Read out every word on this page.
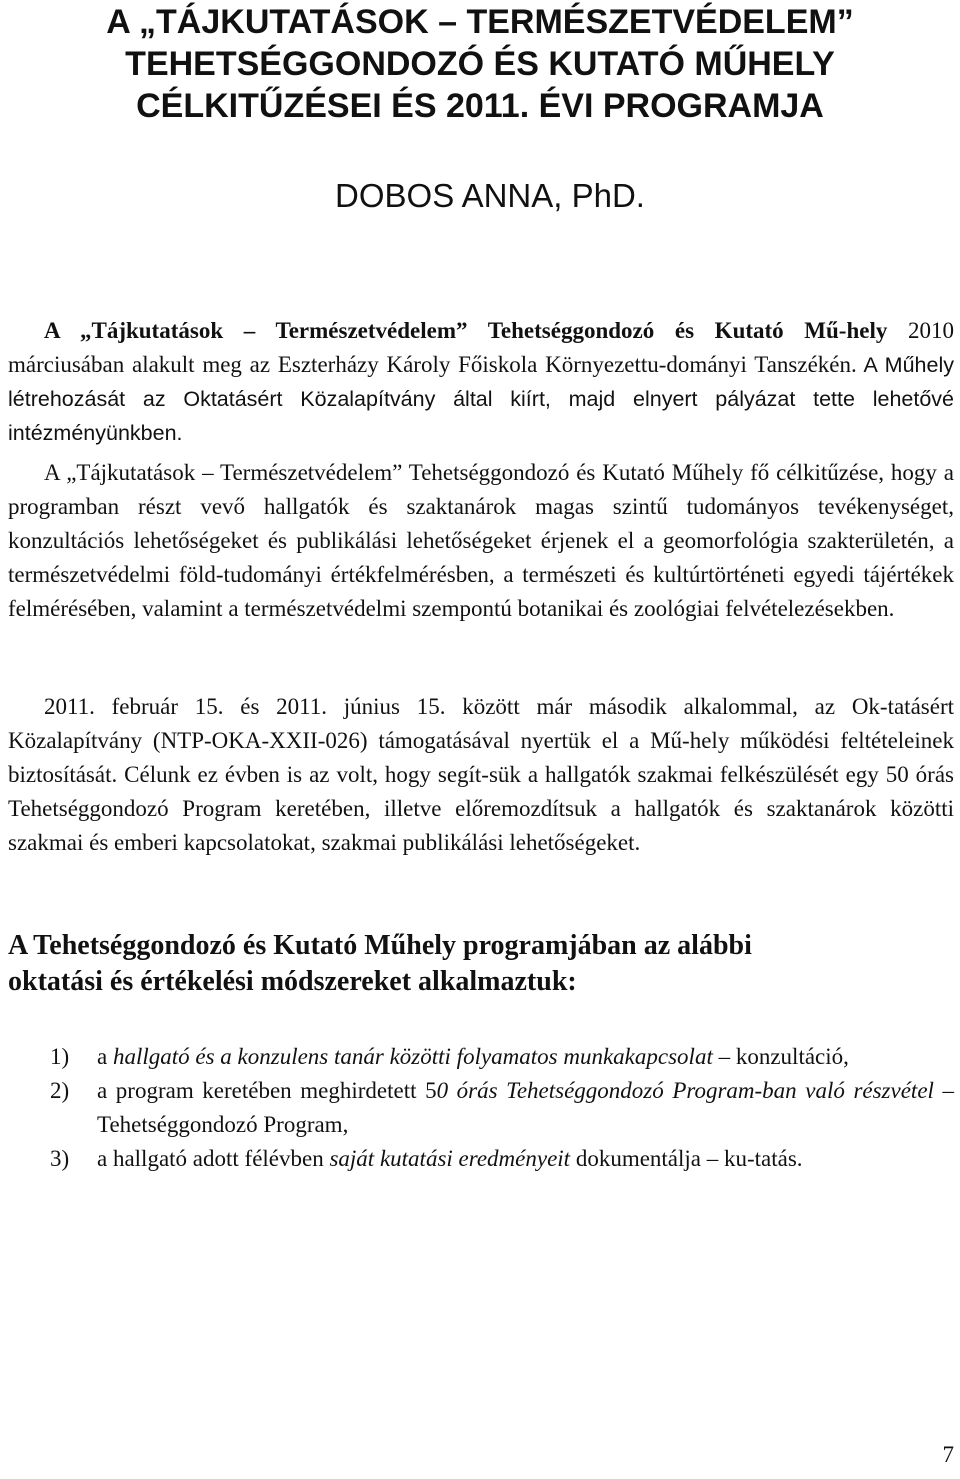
A „TÁJKUTATÁSOK – TERMÉSZETVÉDELEM”
TEHETSÉGGONDOZÓ ÉS KUTATÓ MŰHELY
CÉLKITŰZÉSEI ÉS 2011. ÉVI PROGRAMJA

DOBOS ANNA, PhD.

A „Tájkutatások – Természetvédelem” Tehetséggondozó és Kutató Mű-hely 2010 márciusában alakult meg az Eszterházy Károly Főiskola Környezettu-dományi Tanszékén. A Műhely létrehozását az Oktatásért Közalapítvány által kiírt, majd elnyert pályázat tette lehetővé intézményünkben.

A „Tájkutatások – Természetvédelem” Tehetséggondozó és Kutató Műhely fő célkitűzése, hogy a programban részt vevő hallgatók és szaktanárok magas szintű tudományos tevékenységet, konzultációs lehetőségeket és publikálási lehetőségeket érjenek el a geomorfológia szakterületén, a természetvédelmi föld-tudományi értékfelmérésben, a természeti és kultúrtörténeti egyedi tájértékek felmérésében, valamint a természetvédelmi szempontú botanikai és zoológiai felvételezésekben.

2011. február 15. és 2011. június 15. között már második alkalommal, az Ok-tatásért Közalapítvány (NTP-OKA-XXII-026) támogatásával nyertük el a Mű-hely működési feltételeinek biztosítását. Célunk ez évben is az volt, hogy segít-sük a hallgatók szakmai felkészülését egy 50 órás Tehetséggondozó Program keretében, illetve előremozdítsuk a hallgatók és szaktanárok közötti szakmai és emberi kapcsolatokat, szakmai publikálási lehetőségeket.

A Tehetséggondozó és Kutató Műhely programjában az alábbi
oktatási és értékelési módszereket alkalmaztuk:
1) a hallgató és a konzulens tanár közötti folyamatos munkakapcsolat – konzultáció,
2) a program keretében meghirdetett 50 órás Tehetséggondozó Program-ban való részvétel – Tehetséggondozó Program,
3) a hallgató adott félévben saját kutatási eredményeit dokumentálja – ku-tatás.
7
